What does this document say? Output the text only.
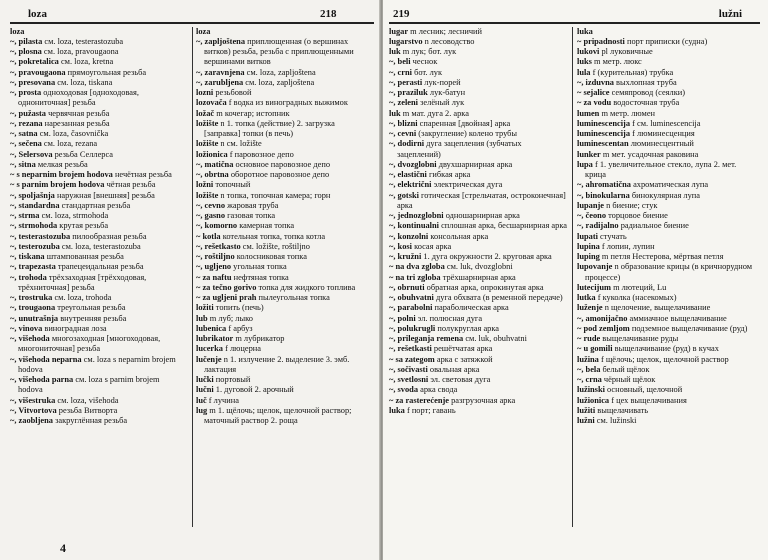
loza	218

loza

~, pilasta см. loza, testerastozuba

~, plosna см. loza, pravougaona

~, pokretalica см. loza, kretna

~, pravougaona прямоугольная резьба

~, presovana см. loza, tiskana

~, prosta одноходовая [одноходовая, однониточная] резьба

~, pužasta червячная резьба

~, rezana нарезанная резьба

~, satna см. loza, časovnička

~, sečena см. loza, rezana

~, Selersova резьба Селлерса

~, sitna мелкая резьба

~ s neparnim brojem hodova нечётная резьба

~ s parnim brojem hodova чётная резьба

~, spoljašnja наружная [внешняя] резьба

~, standardna стандартная резьба

~, strma см. loza, strmohoda

~, strmohoda крутая резьба

~, testerastozuba пилообразная резьба

~, testerozuba см. loza, testerastozuba

~, tiskana штампованная резьба

~, trapezasta трапецеидальная резьба

~, trohoda трёхзаходная [трёхходовая, трёхниточная] резьба

~, trostruka см. loza, trohoda

~, trougaona треугольная резьба

~, unutrašnja внутренняя резьба

~, vinova виноградная лоза

~, višehoda многозаходная [многоходовая, многониточная] резьба

~, višehoda neparna см. loza s neparnim brojem hodova

~, višehoda parna см. loza s parnim brojem hodova

~, višestruka см. loza, višehoda

~, Vitvortova резьба Витворта

~, zaobljena закруглённая резьба

loza

~, zapljoštena приплющенная (о вершинах витков) резьба, резьба с приплющенными вершинами витков

~, zaravnjena см. loza, zapljoštena

~, zarubljena см. loza, zapljoštena

lozni резьбовой

lozovača f водка из виноградных выжимок

ložač m кочегар; истопник

ložište n 1. топка (действие) 2. загрузка [заправка] топки (в печь)

ložište n см. ložište

ložionica f паровозное депо

~, matična основное паровозное депо

~, obrtna оборотное паровозное депо

ložni топочный

ložište n топка, топочная камера; горн

~, cevno жаровая труба

~, gasno газовая топка

~, komorno камерная топка

~ kotla котельная топка, топка котла

~, rešetkasto см. ložište, roštiljno

~, roštiljno колосниковая топка

~, ugljeno угольная топка

~ za naftu нефтяная топка

~ za tečno gorivo топка для жидкого топлива

~ za ugljeni prah пылеугольная топка

ložiti топить (печь)

lub m луб; лыко

lubenica f арбуз

lubrikator m лубрикатор

lucerka f люцерна

lučenje n 1. излучение 2. выделение 3. эмб. лактация

lučki портовый

lučni 1. дуговой 2. арочный

luč f лучина

lug m 1. щёлочь; щелок, щелочной раствор; маточный раствор 2. роща

4
219	lužni

lugar m лесник; лесничий

lugarstvo n лесоводство

luk m лук; бот. лук

~, beli чеснок

~, crni бот. лук

~, perasti лук-порей

~, praziluk лук-батун

~, zeleni зелёный лук

luk m мат. дуга 2. арка

~, blizni спаренная [двойная] арка

~, cevni (закругление) колено трубы

~, dodirni дуга зацепления (зубчатых зацеплений)

~, dvozglobni двухшарнирная арка

~, elastični гибкая арка

~, električni электрическая дуга

~, gotski готическая [стрельчатая, остроконечная] арка

~, jednozglobni одношарнирная арка

~, kontinualni сплошная арка, бесшарнирная арка

~, konzolni консольная арка

~, kosi косая арка

~, kružni 1. дуга окружности 2. круговая арка

~ na dva zgloba см. luk, dvozglobni

~ na tri zgloba трёхшарнирная арка

~, obrnuti обратная арка, опрокинутая арка

~, obuhvatni дуга обхвата (в ременной передаче)

~, parabolni параболическая арка

~, polni эл. полюсная дуга

~, polukrugli полукруглая арка

~, prileganja remena см. luk, obuhvatni

~, rešetkasti решётчатая арка

~ sa zategom арка с затяжкой

~, sočivasti овальная арка

~, svetlosni эл. световая дуга

~, svoda арка свода

~ za rasterećenje разгрузочная арка

luka f порт; гавань

luka

~ pripadnosti порт приписки (судна)

lukovi pl луковичные

luks m метр. люкс

lula f (курительная) трубка

~, izduvna выхлопная труба

~ sejalice семяпровод (сеялки)

~ za vodu водосточная труба

lumen m метр. люмен

luminescencija f см. luminescencija

luminescencija f люминесценция

luminescentan люминесцентный

lunker m мет. усадочная раковина

lupa f 1. увеличительное стекло, лупа 2. мет. крица

~, ahromatična ахроматическая лупа

~, binokularna бинокулярная лупа

lupanje n биение; стук

~, čeono торцовое биение

~, radijalno радиальное биение

lupati стучать

lupina f лопин, лупин

luping m петля Нестерова, мёртвая петля

lupovanje n образование крицы (в кричнорудном процессе)

lutecijum m лютеций, Lu

lutka f куколка (насекомых)

luženje n щелочение, выщелачивание

~, amonijačno аммиачное выщелачивание

~ pod zemljom подземное выщелачивание (руд)

~ rude выщелачивание руды

~ u gomili выщелачивание (руд) в кучах

lužina f щёлочь; щелок, щелочной раствор

~, bela белый щёлок

~, crna чёрный щёлок

lužinski основный, щелочной

lužionica f цех выщелачивания

lužiti выщелачивать

lužni см. lužinski
